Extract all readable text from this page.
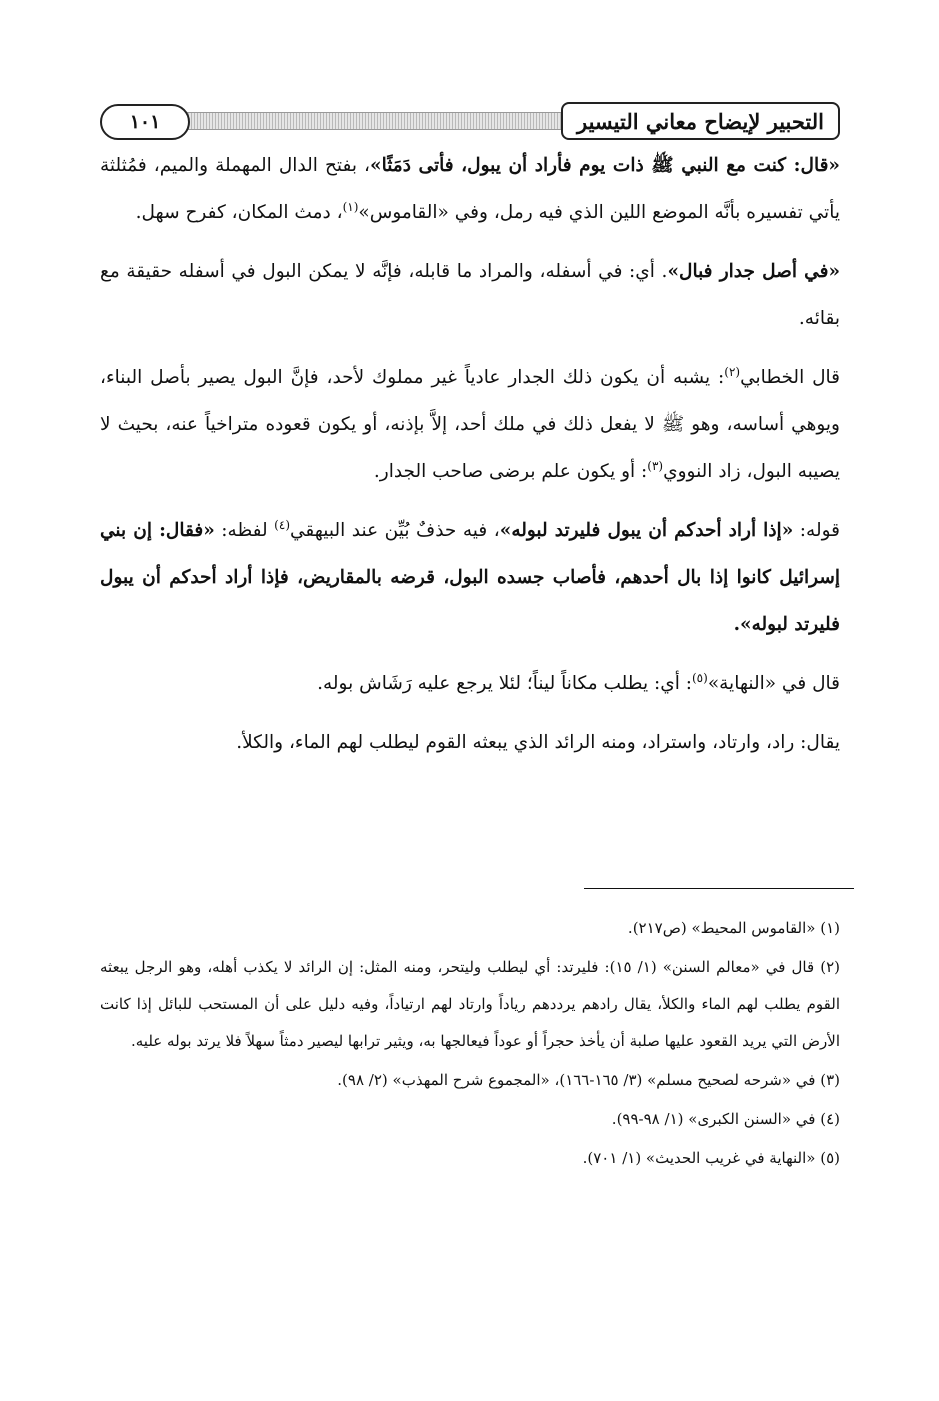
التحبير لإيضاح معاني التيسير
١٠١

«قال: كنت مع النبي ﷺ ذات يوم فأراد أن يبول، فأتى دَمَثًا»، بفتح الدال المهملة والميم، فمُثلثة يأتي تفسيره بأنَّه الموضع اللين الذي فيه رمل، وفي «القاموس»$^{(١)}$، دمث المكان، كفرح سهل.

«في أصل جدار فبال». أي: في أسفله، والمراد ما قابله، فإنَّه لا يمكن البول في أسفله حقيقة مع بقائه.

قال الخطابي$^{(٢)}$: يشبه أن يكون ذلك الجدار عادياً غير مملوك لأحد، فإنَّ البول يصير بأصل البناء، ويوهي أساسه، وهو ﷺ لا يفعل ذلك في ملك أحد، إلاَّ بإذنه، أو يكون قعوده متراخياً عنه، بحيث لا يصيبه البول، زاد النووي$^{(٣)}$: أو يكون علم برضى صاحب الجدار.

قوله: «إذا أراد أحدكم أن يبول فليرتد لبوله»، فيه حذفٌ بُيِّن عند البيهقي$^{(٤)}$ لفظه: «فقال: إن بني إسرائيل كانوا إذا بال أحدهم، فأصاب جسده البول، قرضه بالمقاريض، فإذا أراد أحدكم أن يبول فليرتد لبوله».

قال في «النهاية»$^{(٥)}$: أي: يطلب مكاناً ليناً؛ لئلا يرجع عليه رَشَاش بوله.

يقال: راد، وارتاد، واستراد، ومنه الرائد الذي يبعثه القوم ليطلب لهم الماء، والكلأ.

(١) «القاموس المحيط» (ص٢١٧).

(٢) قال في «معالم السنن» (١/ ١٥): فليرتد: أي ليطلب وليتحر، ومنه المثل: إن الرائد لا يكذب أهله، وهو الرجل يبعثه القوم يطلب لهم الماء والكلأ، يقال رادهم يرددهم رياداً وارتاد لهم ارتياداً، وفيه دليل على أن المستحب للبائل إذا كانت الأرض التي يريد القعود عليها صلبة أن يأخذ حجراً أو عوداً فيعالجها به، ويثير ترابها ليصير دمثاً سهلاً فلا يرتد بوله عليه.

(٣) في «شرحه لصحيح مسلم» (٣/ ١٦٥-١٦٦)، «المجموع شرح المهذب» (٢/ ٩٨).

(٤) في «السنن الكبرى» (١/ ٩٨-٩٩).

(٥) «النهاية في غريب الحديث» (١/ ٧٠١).
